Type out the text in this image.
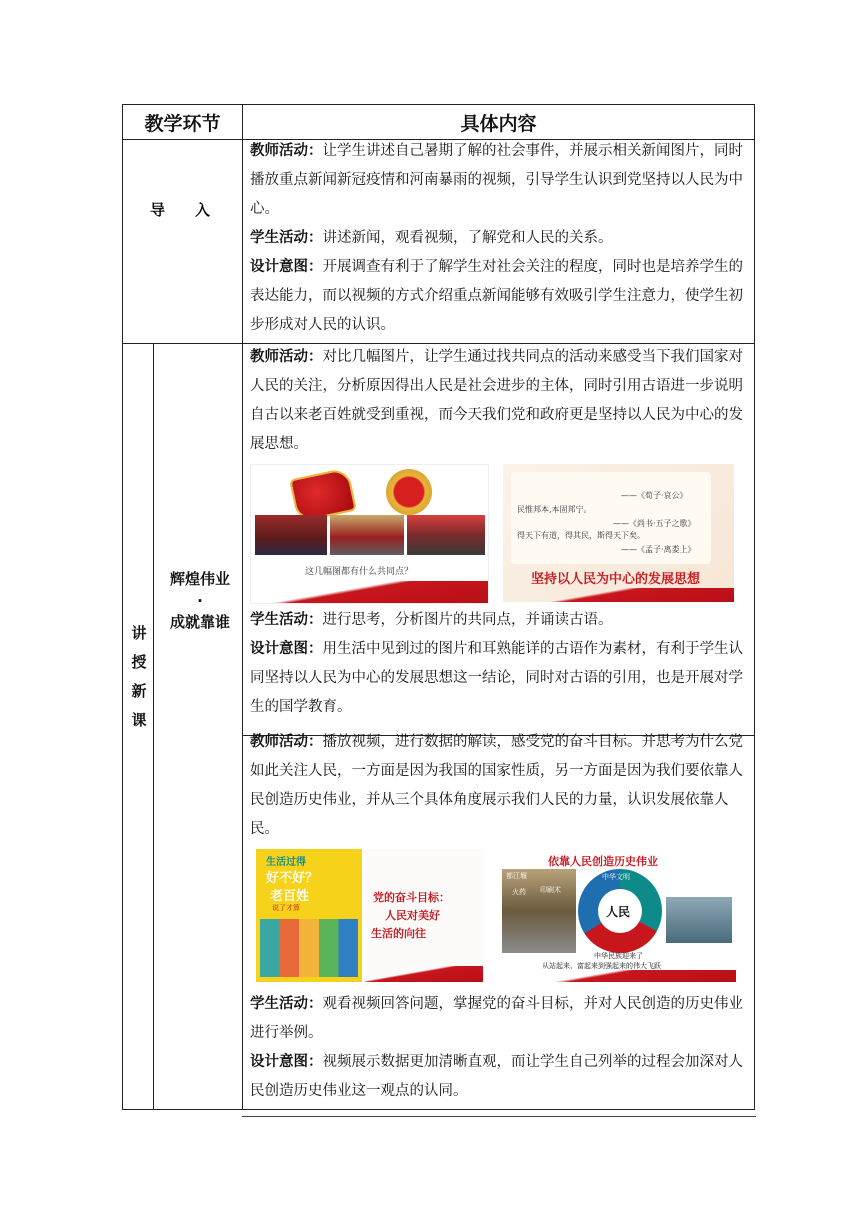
教学环节	具体内容
导　　入

教师活动：让学生讲述自己暑期了解的社会事件，并展示相关新闻图片，同时播放重点新闻新冠疫情和河南暴雨的视频，引导学生认识到党坚持以人民为中心。

学生活动：讲述新闻，观看视频，了解党和人民的关系。

设计意图：开展调查有利于了解学生对社会关注的程度，同时也是培养学生的表达能力，而以视频的方式介绍重点新闻能够有效吸引学生注意力，使学生初步形成对人民的认识。

讲
授
新
课
辉煌伟业
·
成就靠谁

教师活动：对比几幅图片，让学生通过找共同点的活动来感受当下我们国家对人民的关注，分析原因得出人民是社会进步的主体，同时引用古语进一步说明自古以来老百姓就受到重视，而今天我们党和政府更是坚持以人民为中心的发展思想。

这几幅图都有什么共同点？
——《荀子·哀公》
民惟邦本,本固邦宁。
——《尚书·五子之歌》
得天下有道，得其民，斯得天下矣。
——《孟子·离娄上》
坚持以人民为中心的发展思想

学生活动：进行思考，分析图片的共同点，并诵读古语。

设计意图：用生活中见到过的图片和耳熟能详的古语作为素材，有利于学生认同坚持以人民为中心的发展思想这一结论，同时对古语的引用，也是开展对学生的国学教育。

教师活动：播放视频，进行数据的解读，感受党的奋斗目标。并思考为什么党如此关注人民，一方面是因为我国的国家性质，另一方面是因为我们要依靠人民创造历史伟业，并从三个具体角度展示我们人民的力量，认识发展依靠人民。

生活过得
好不好？
老百姓
说了才算
党的奋斗目标：
人民对美好
生活的向往
依靠人民创造历史伟业
都江堰
印刷术
火药
人民
中华文明
中华民族迎来了
从站起来、富起来到强起来的伟大飞跃

学生活动：观看视频回答问题，掌握党的奋斗目标，并对人民创造的历史伟业进行举例。

设计意图：视频展示数据更加清晰直观，而让学生自己列举的过程会加深对人民创造历史伟业这一观点的认同。
